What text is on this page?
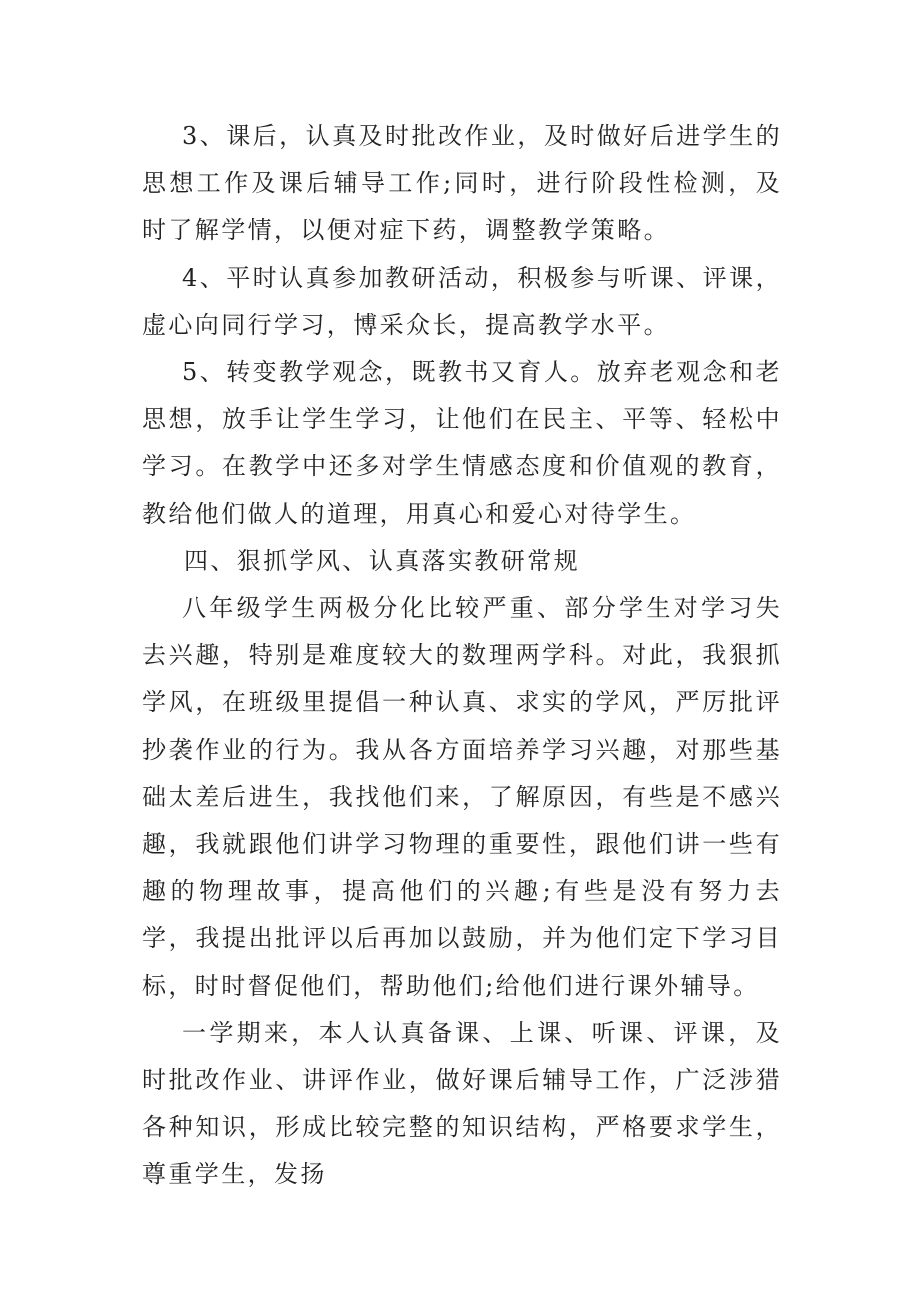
3、课后，认真及时批改作业，及时做好后进学生的思想工作及课后辅导工作;同时，进行阶段性检测，及时了解学情，以便对症下药，调整教学策略。

4、平时认真参加教研活动，积极参与听课、评课，虚心向同行学习，博采众长，提高教学水平。

5、转变教学观念，既教书又育人。放弃老观念和老思想，放手让学生学习，让他们在民主、平等、轻松中学习。在教学中还多对学生情感态度和价值观的教育，教给他们做人的道理，用真心和爱心对待学生。

四、狠抓学风、认真落实教研常规

八年级学生两极分化比较严重、部分学生对学习失去兴趣，特别是难度较大的数理两学科。对此，我狠抓学风，在班级里提倡一种认真、求实的学风，严厉批评抄袭作业的行为。我从各方面培养学习兴趣，对那些基础太差后进生，我找他们来，了解原因，有些是不感兴趣，我就跟他们讲学习物理的重要性，跟他们讲一些有趣的物理故事，提高他们的兴趣;有些是没有努力去学，我提出批评以后再加以鼓励，并为他们定下学习目标，时时督促他们，帮助他们;给他们进行课外辅导。

一学期来，本人认真备课、上课、听课、评课，及时批改作业、讲评作业，做好课后辅导工作，广泛涉猎各种知识，形成比较完整的知识结构，严格要求学生，尊重学生，发扬
